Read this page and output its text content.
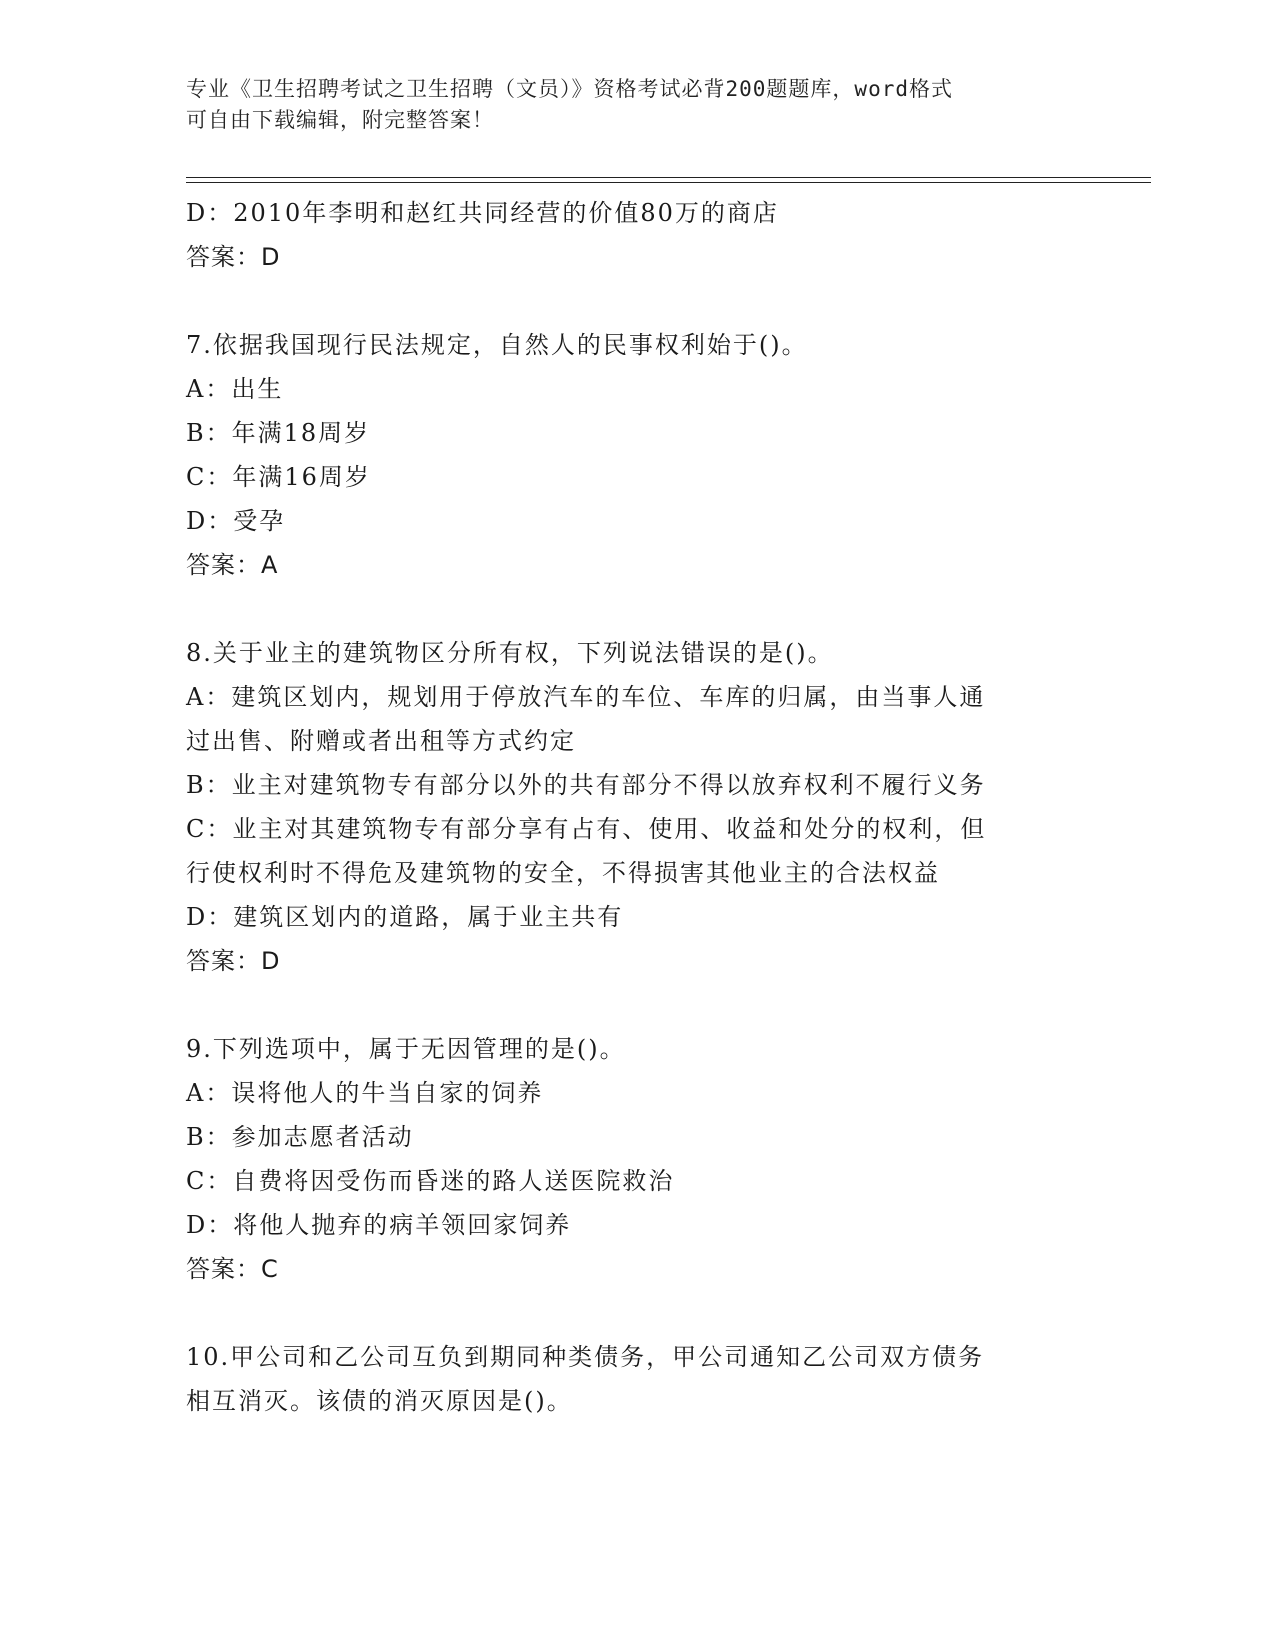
专业《卫生招聘考试之卫生招聘（文员）》资格考试必背200题题库，word格式
可自由下载编辑，附完整答案！
D：2010年李明和赵红共同经营的价值80万的商店
答案：D
7.依据我国现行民法规定，自然人的民事权利始于()。
A：出生
B：年满18周岁
C：年满16周岁
D：受孕
答案：A
8.关于业主的建筑物区分所有权，下列说法错误的是()。
A：建筑区划内，规划用于停放汽车的车位、车库的归属，由当事人通
过出售、附赠或者出租等方式约定
B：业主对建筑物专有部分以外的共有部分不得以放弃权利不履行义务
C：业主对其建筑物专有部分享有占有、使用、收益和处分的权利，但
行使权利时不得危及建筑物的安全，不得损害其他业主的合法权益
D：建筑区划内的道路，属于业主共有
答案：D
9.下列选项中，属于无因管理的是()。
A：误将他人的牛当自家的饲养
B：参加志愿者活动
C：自费将因受伤而昏迷的路人送医院救治
D：将他人抛弃的病羊领回家饲养
答案：C
10.甲公司和乙公司互负到期同种类债务，甲公司通知乙公司双方债务
相互消灭。该债的消灭原因是()。
